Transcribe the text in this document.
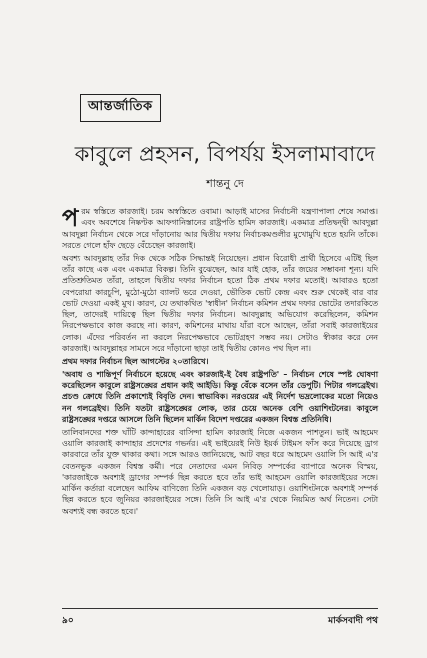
আন্তর্জাতিক
কাবুলে প্রহসন, বিপর্যয় ইসলামাবাদে
শান্তনু দে

পরম স্বস্তিতে কারজাই। চরম অস্বস্তিতে ওবামা। আড়াই মাসের নির্বাচনী যন্ত্রণাপালা শেষে সমাপ্ত। এবং অবশেষে নিষ্কণ্টক আফগানিস্তানের রাষ্ট্রপতি হামিদ কারজাই। একমাত্র প্রতিদ্বন্দ্বী আবদুল্লা আবদুল্লা নির্বাচন থেকে সরে দাঁড়ানোয় আর দ্বিতীয় দফায় নির্বাচকমণ্ডলীর মুখোমুখি হতে হয়নি তাঁকে। সরতে গেলে হাঁফ ছেড়ে বেঁচেছেন কারজাই।

অবশ্য আবদুল্লাহ তাঁর দিক থেকে সঠিক সিদ্ধান্তই নিয়েছেন। প্রধান বিরোধী প্রার্থী হিসেবে এটিই ছিল তাঁর কাছে এক এবং একমাত্র বিকল্প। তিনি বুঝেছেন, আর যাই হোক, তাঁর জয়ের সম্ভাবনা শূন্য। যদি প্রতিশ্রুতিমত তাঁরা, তাহলে দ্বিতীয় দফার নির্বাচন হতো ঠিক প্রথম দফার মতোই। আবারও হতো বেপরোয়া কারচুপি, মুঠো-মুঠো ব্যালট ভরে দেওয়া, ভৌতিক ভোট কেন্দ্র এবং শুরু থেকেই বার বার ভোট দেওয়া একই মুখ। কারণ, যে তথাকথিত 'স্বাধীন' নির্বাচন কমিশন প্রথম দফার ভোটের তদারকিতে ছিল, তাদেরই দায়িত্বে ছিল দ্বিতীয় দফার নির্বাচন। আবদুল্লাহ অভিযোগ করেছিলেন, কমিশন নিরপেক্ষভাবে কাজ করছে না। কারণ, কমিশনের মাথায় যাঁরা বসে আছেন, তাঁরা সবাই কারজাইয়ের লোক। এঁদের পরিবর্তন না করলে নিরপেক্ষভাবে ভোটগ্রহণ সম্ভব নয়। সেটাও স্বীকার করে নেন কারজাই। আবদুল্লাহর সামনে সরে দাঁড়ানো ছাড়া তাই দ্বিতীয় কোনও পথ ছিল না।

প্রথম দফার নির্বাচন ছিল আগস্টের ২০তারিখে।

'অবাধ ও শান্তিপূর্ণ নির্বাচনে হয়েছে এবং কারজাই-ই বৈধ রাষ্ট্রপতি' – নির্বাচন শেষে স্পষ্ট ঘোষণা করেছিলেন কাবুলে রাষ্ট্রসঙ্ঘের প্রধান কাই আইডি। কিন্তু বেঁকে বসেন তাঁর ডেপুটি। পিটার গলব্রেইথ। প্রচণ্ড ক্রোধে তিনি প্রকাশ্যেই বিবৃতি দেন। স্বাভাবিক। নরওয়ের এই নির্দেশ ভদ্রলোকের মতো নিয়েও নন গলব্রেইথ। তিনি যতটা রাষ্ট্রসঙ্ঘের লোক, তার চেয়ে অনেক বেশি ওয়াশিংটনের। কাবুলে রাষ্ট্রসঙ্ঘের দপ্তরে আসলে তিনি ছিলেন মার্কিন বিদেশ দপ্তরের একজন বিশ্বস্ত প্রতিনিধি।

তালিবানদের শক্ত ঘাঁটি কান্দাহারের বাসিন্দা হামিদ কারজাই নিজে একজন পাশতুন। ভাই আহমেদ ওয়ালি কারজাই কান্দাহার প্রদেশের গভর্নর। এই ভাইয়েরই নিউ ইয়র্ক টাইমস ফাঁস করে দিয়েছে ড্রাগ কারবারে তাঁর যুক্ত থাকার কথা। সঙ্গে আরও জানিয়েছে, আট বছর ধরে আহমেদ ওয়ালি সি আই এ'র বেতনভুক একজন বিশ্বস্ত কর্মী। পরে নেতাদের এমন নিবিড় সম্পর্কের ব্যাপারে অনেক বিস্ময়, 'কারজাইকে অবশ্যই ড্রাগের সম্পর্ক ছিন্ন করতে হবে তাঁর ভাই আহমেদ ওয়ালি কারজাইয়ের সঙ্গে। মার্কিন কর্তারা বলেছেন আফিম বাণিজ্যে তিনি একজন বড় খেলোয়াড়। ওয়াশিংটনকে অবশ্যই সম্পর্ক ছিন্ন করতে হবে জুনিয়র কারজাইয়ের সঙ্গে। তিনি সি আই এ'র থেকে নিয়মিত অর্থ নিতেন। সেটা অবশ্যই বন্ধ করতে হবে।'

৯০	মার্কসবাদী পথ
